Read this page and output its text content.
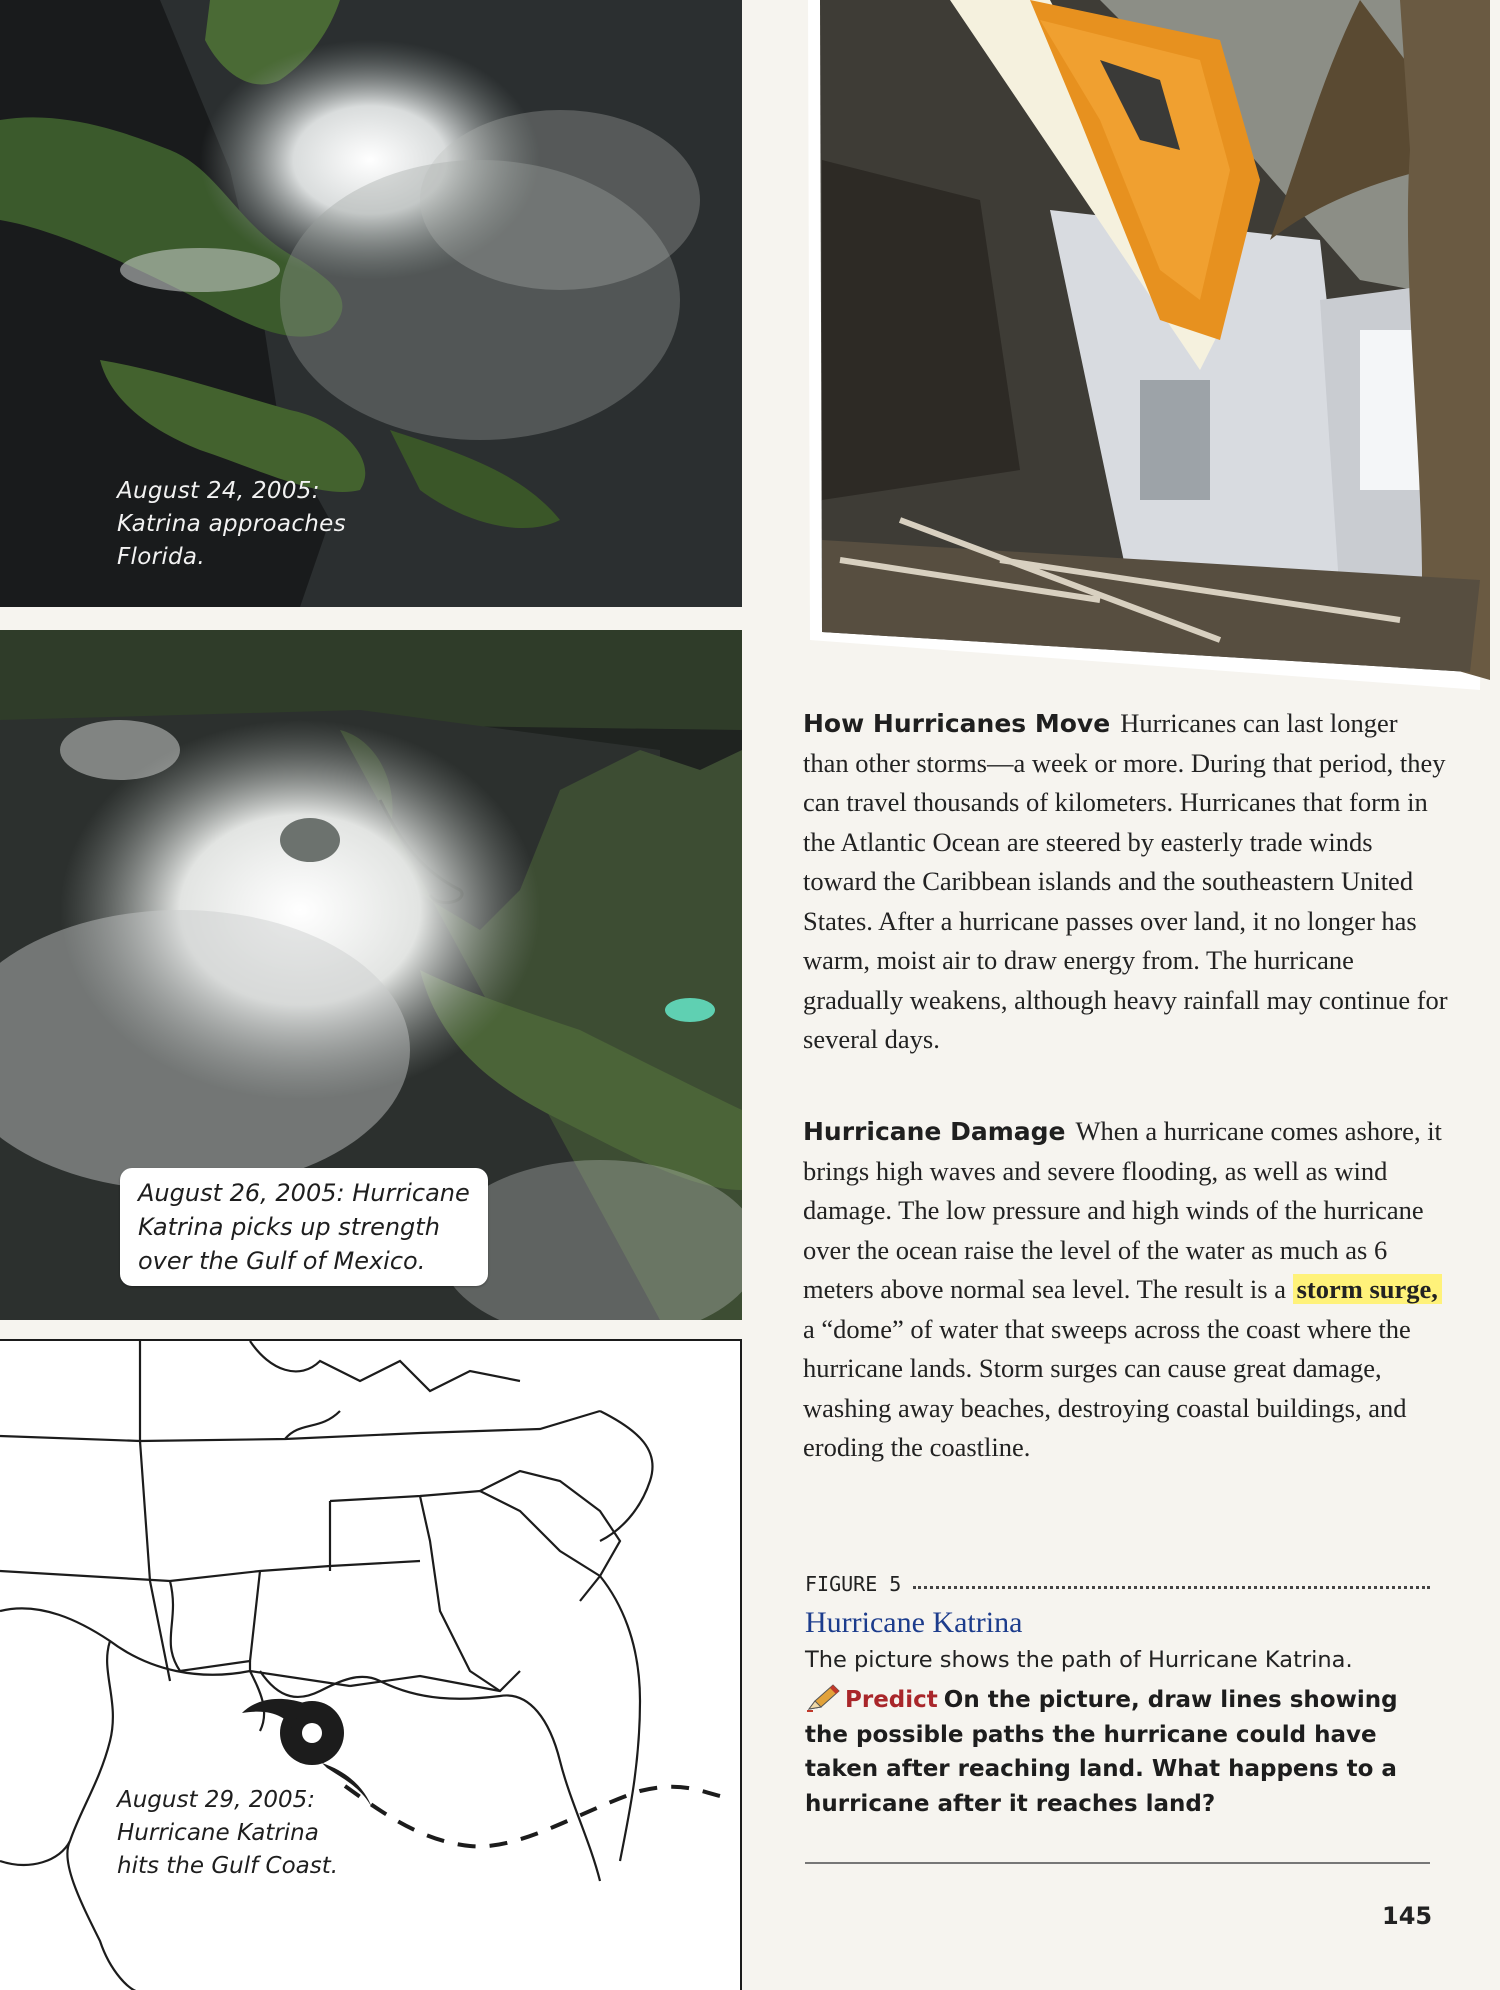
August 24, 2005:
Katrina approaches
Florida.
August 26, 2005: Hurricane
Katrina picks up strength
over the Gulf of Mexico.
August 29, 2005:
Hurricane Katrina
hits the Gulf Coast.
How Hurricanes Move Hurricanes can last longer than other storms—a week or more. During that period, they can travel thousands of kilometers. Hurricanes that form in the Atlantic Ocean are steered by easterly trade winds toward the Caribbean islands and the southeastern United States. After a hurricane passes over land, it no longer has warm, moist air to draw energy from. The hurricane gradually weakens, although heavy rainfall may continue for several days.
Hurricane Damage When a hurricane comes ashore, it brings high waves and severe flooding, as well as wind damage. The low pressure and high winds of the hurricane over the ocean raise the level of the water as much as 6 meters above normal sea level. The result is a storm surge, a “dome” of water that sweeps across the coast where the hurricane lands. Storm surges can cause great damage, washing away beaches, destroying coastal buildings, and eroding the coastline.
FIGURE 5
Hurricane Katrina
The picture shows the path of Hurricane Katrina.
Predict On the picture, draw lines showing the possible paths the hurricane could have taken after reaching land. What happens to a hurricane after it reaches land?
145
